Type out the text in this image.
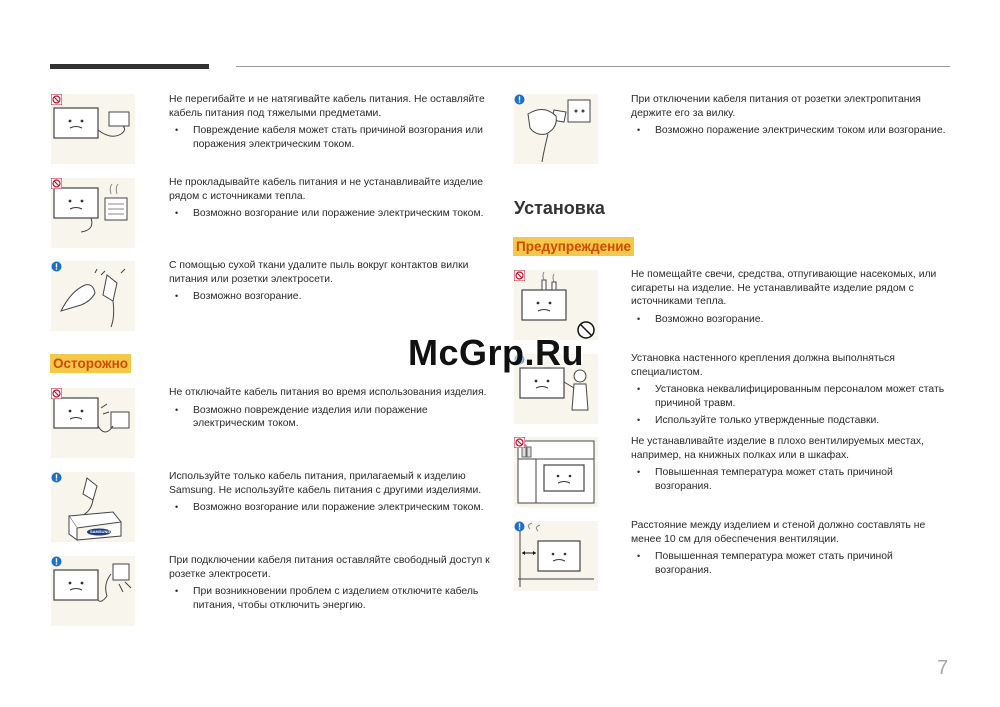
Не перегибайте и не натягивайте кабель питания. Не оставляйте кабель питания под тяжелыми предметами.

• Повреждение кабеля может стать причиной возгорания или поражения электрическим током.

Не прокладывайте кабель питания и не устанавливайте изделие рядом с источниками тепла.

• Возможно возгорание или поражение электрическим током.

С помощью сухой ткани удалите пыль вокруг контактов вилки питания или розетки электросети.

• Возможно возгорание.
Осторожно

Не отключайте кабель питания во время использования изделия.

• Возможно повреждение изделия или поражение электрическим током.
SAMSUNG

Используйте только кабель питания, прилагаемый к изделию Samsung. Не используйте кабель питания с другими изделиями.

• Возможно возгорание или поражение электрическим током.

При подключении кабеля питания оставляйте свободный доступ к розетке электросети.

• При возникновении проблем с изделием отключите кабель питания, чтобы отключить энергию.

При отключении кабеля питания от розетки электропитания держите его за вилку.

• Возможно поражение электрическим током или возгорание.
Установка
Предупреждение

Не помещайте свечи, средства, отпугивающие насекомых, или сигареты на изделие. Не устанавливайте изделие рядом с источниками тепла.

• Возможно возгорание.

Установка настенного крепления должна выполняться специалистом.

• Установка неквалифицированным персоналом может стать причиной травм.
• Используйте только утвержденные подставки.

Не устанавливайте изделие в плохо вентилируемых местах, например, на книжных полках или в шкафах.

• Повышенная температура может стать причиной возгорания.

Расстояние между изделием и стеной должно составлять не менее 10 см для обеспечения вентиляции.

• Повышенная температура может стать причиной возгорания.
McGrp.Ru
7
